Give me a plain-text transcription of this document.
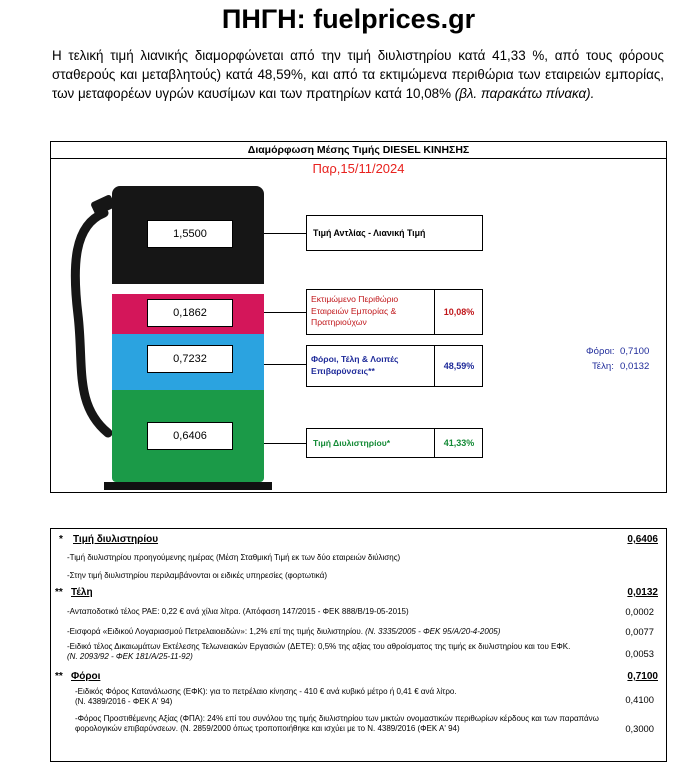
ΠΗΓΗ: fuelprices.gr
Η τελική τιμή λιανικής διαμορφώνεται από την τιμή διυλιστηρίου κατά 41,33 %, από τους φόρους σταθερούς και μεταβλητούς) κατά 48,59%, και από τα εκτιμώμενα περιθώρια των εταιρειών εμπορίας, των μεταφορέων υγρών καυσίμων και των πρατηρίων κατά 10,08% (βλ. παρακάτω πίνακα).
Διαμόρφωση Μέσης Τιμής DIESEL ΚΙΝΗΣΗΣ
Παρ,15/11/2024
1,5500
0,1862
0,7232
0,6406
Τιμή Αντλίας - Λιανική Τιμή
Εκτιμώμενο Περιθώριο Εταιρειών Εμπορίας & Πρατηριούχων
10,08%
Φόροι, Τέλη & Λοιπές Επιβαρύνσεις**	48,59%
Τιμή Διυλιστηρίου*	41,33%
Φόροι: 0,7100
Τέλη: 0,0132
* Τιμή διυλιστηρίου	0,6406
-Τιμή διυλιστηρίου προηγούμενης ημέρας (Μέση Σταθμική Τιμή εκ των δύο εταιρειών διύλισης)
-Στην τιμή διυλιστηρίου περιλαμβάνονται οι ειδικές υπηρεσίες (φορτωτικά)
** Τέλη	0,0132
-Ανταποδοτικό τέλος ΡΑΕ: 0,22 € ανά χίλια λίτρα. (Απόφαση 147/2015 - ΦΕΚ 888/Β/19-05-2015)	0,0002
-Εισφορά «Ειδικού Λογαριασμού Πετρελαιοειδών»: 1,2% επί της τιμής διυλιστηρίου. (Ν. 3335/2005 - ΦΕΚ 95/Α/20-4-2005)	0,0077
-Ειδικό τέλος Δικαιωμάτων Εκτέλεσης Τελωνειακών Εργασιών (ΔΕΤΕ): 0,5% της αξίας του αθροίσματος της τιμής εκ διυλιστηρίου και του ΕΦΚ.
(Ν. 2093/92 - ΦΕΚ 181/Α/25-11-92)	0,0053
** Φόροι	0,7100
-Ειδικός Φόρος Κατανάλωσης (ΕΦΚ): για το πετρέλαιο κίνησης - 410 € ανά κυβικό μέτρο ή 0,41 € ανά λίτρο.
(Ν. 4389/2016 - ΦΕΚ Α' 94)	0,4100
-Φόρος Προστιθέμενης Αξίας (ΦΠΑ): 24% επί του συνόλου της τιμής διυλιστηρίου των μικτών ονομαστικών περιθωρίων κέρδους και των παραπάνω φορολογικών επιβαρύνσεων. (Ν. 2859/2000 όπως τροποποιήθηκε και ισχύει με το Ν. 4389/2016 (ΦΕΚ Α' 94)	0,3000
